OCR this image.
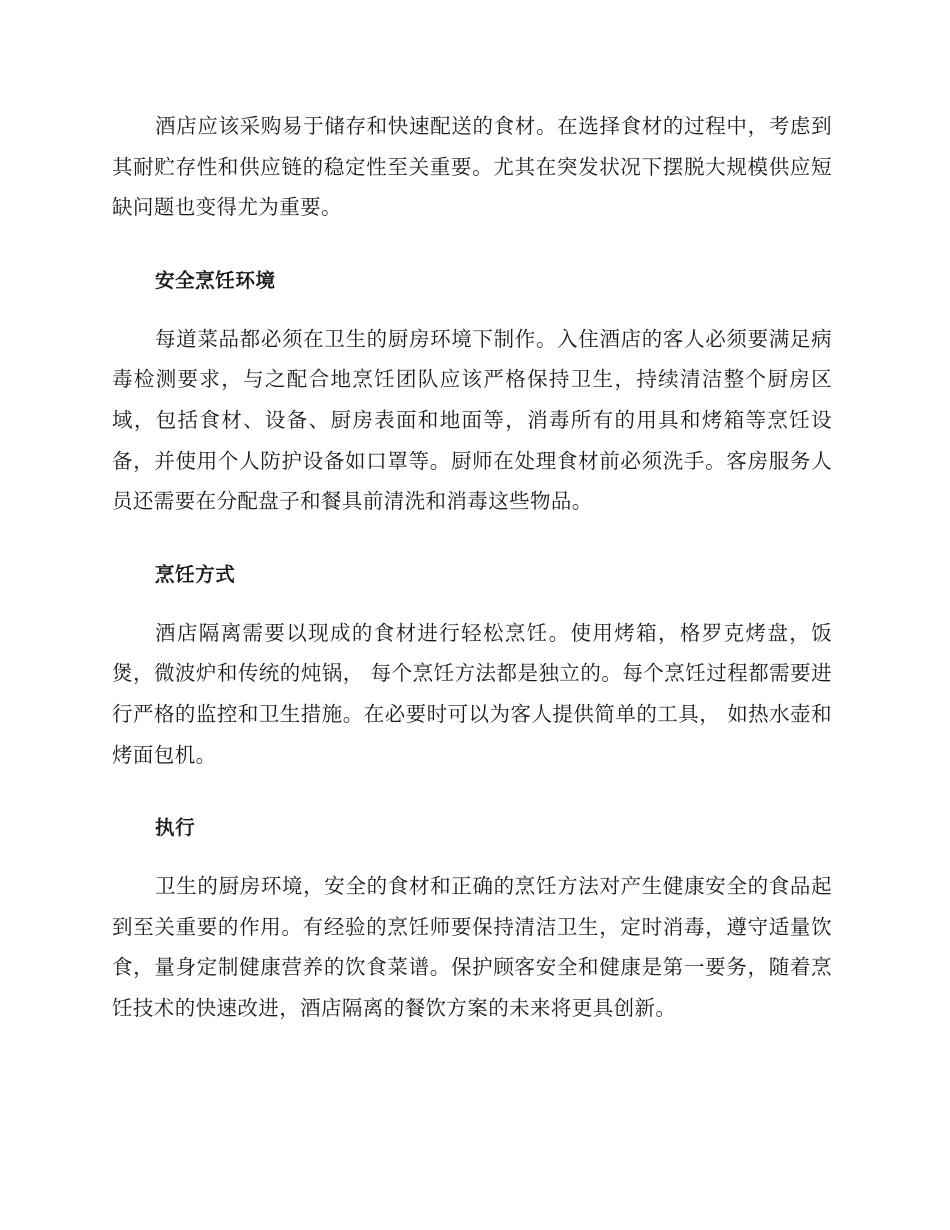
酒店应该采购易于储存和快速配送的食材。在选择食材的过程中，考虑到其耐贮存性和供应链的稳定性至关重要。尤其在突发状况下摆脱大规模供应短缺问题也变得尤为重要。

安全烹饪环境

每道菜品都必须在卫生的厨房环境下制作。入住酒店的客人必须要满足病毒检测要求，与之配合地烹饪团队应该严格保持卫生，持续清洁整个厨房区域，包括食材、设备、厨房表面和地面等，消毒所有的用具和烤箱等烹饪设备，并使用个人防护设备如口罩等。厨师在处理食材前必须洗手。客房服务人员还需要在分配盘子和餐具前清洗和消毒这些物品。

烹饪方式

酒店隔离需要以现成的食材进行轻松烹饪。使用烤箱，格罗克烤盘，饭煲，微波炉和传统的炖锅， 每个烹饪方法都是独立的。每个烹饪过程都需要进行严格的监控和卫生措施。在必要时可以为客人提供简单的工具， 如热水壶和烤面包机。

执行

卫生的厨房环境，安全的食材和正确的烹饪方法对产生健康安全的食品起到至关重要的作用。有经验的烹饪师要保持清洁卫生，定时消毒，遵守适量饮食，量身定制健康营养的饮食菜谱。保护顾客安全和健康是第一要务，随着烹饪技术的快速改进，酒店隔离的餐饮方案的未来将更具创新。
